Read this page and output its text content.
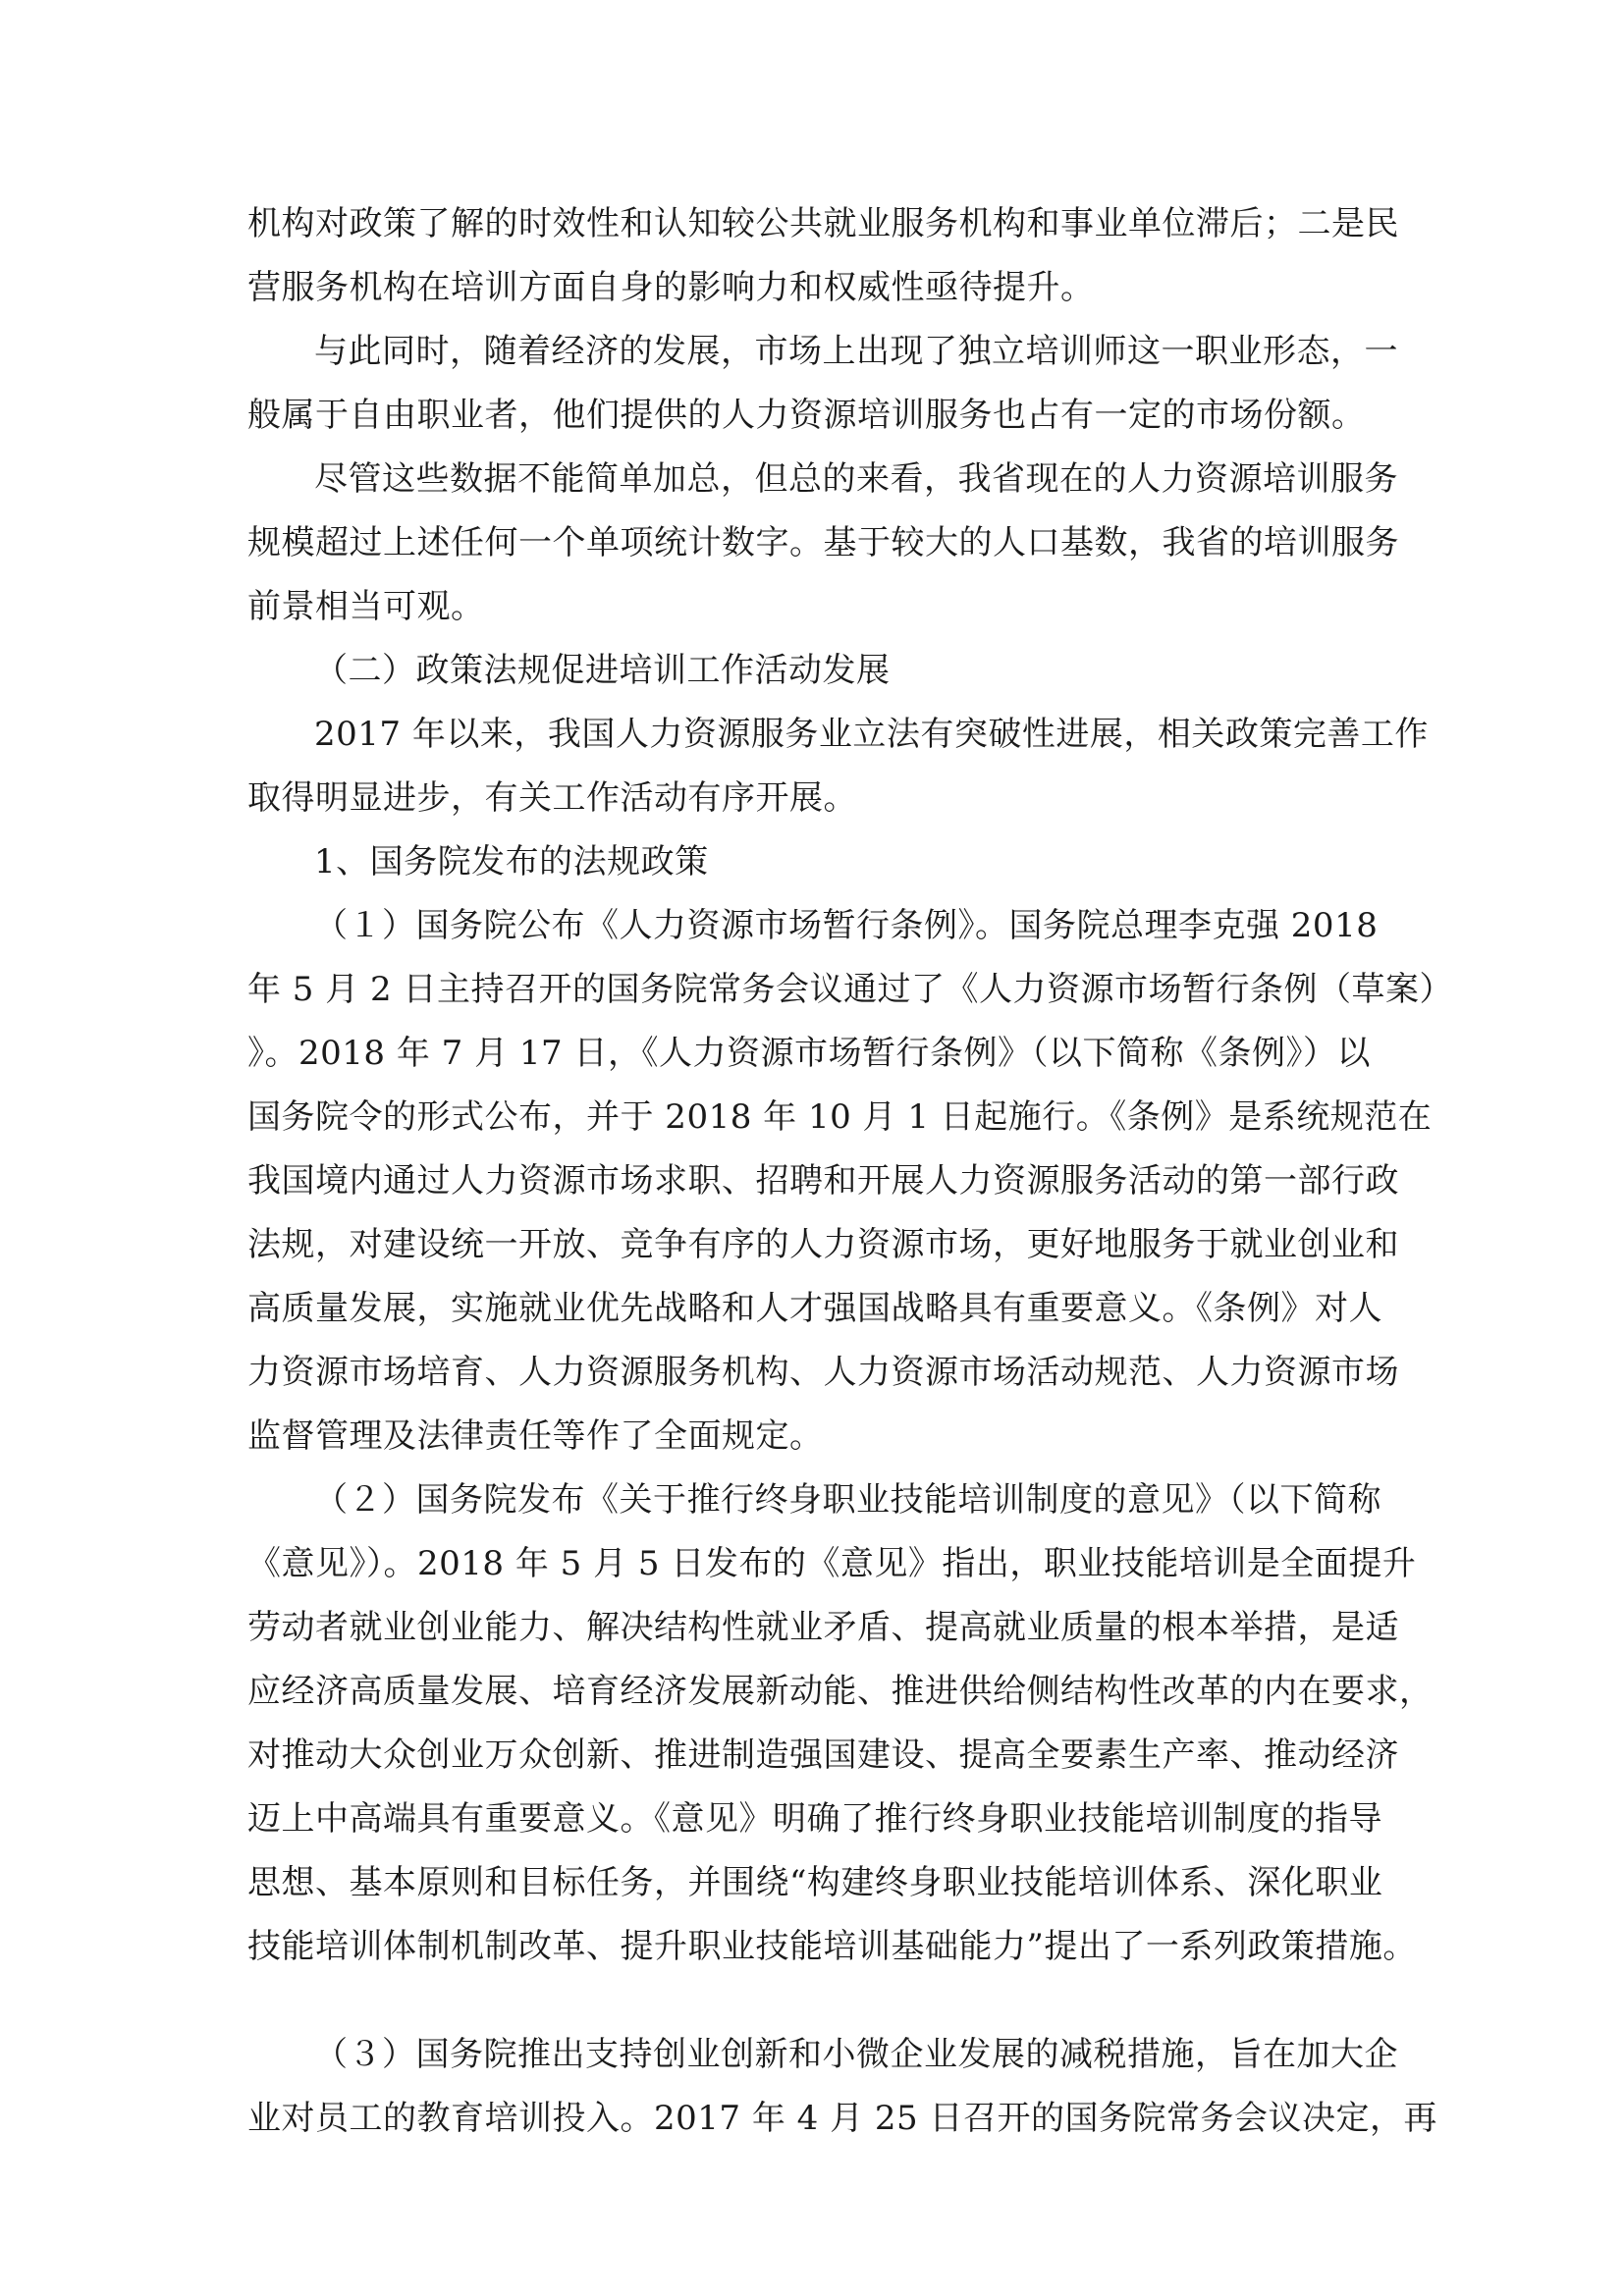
机构对政策了解的时效性和认知较公共就业服务机构和事业单位滞后；二是民
营服务机构在培训方面自身的影响力和权威性亟待提升。
与此同时，随着经济的发展，市场上出现了独立培训师这一职业形态，一
般属于自由职业者，他们提供的人力资源培训服务也占有一定的市场份额。
尽管这些数据不能简单加总，但总的来看，我省现在的人力资源培训服务
规模超过上述任何一个单项统计数字。基于较大的人口基数，我省的培训服务
前景相当可观。
（二）政策法规促进培训工作活动发展
2017 年以来，我国人力资源服务业立法有突破性进展，相关政策完善工作
取得明显进步，有关工作活动有序开展。
1、国务院发布的法规政策
（１）国务院公布《人力资源市场暂行条例》。国务院总理李克强 2018
年 5 月 2 日主持召开的国务院常务会议通过了《人力资源市场暂行条例（草案）
》。2018 年 7 月 17 日，《人力资源市场暂行条例》（以下简称《条例》）以
国务院令的形式公布，并于 2018 年 10 月 1 日起施行。《条例》是系统规范在
我国境内通过人力资源市场求职、招聘和开展人力资源服务活动的第一部行政
法规，对建设统一开放、竞争有序的人力资源市场，更好地服务于就业创业和
高质量发展，实施就业优先战略和人才强国战略具有重要意义。《条例》对人
力资源市场培育、人力资源服务机构、人力资源市场活动规范、人力资源市场
监督管理及法律责任等作了全面规定。
（２）国务院发布《关于推行终身职业技能培训制度的意见》（以下简称
《意见》）。2018 年 5 月 5 日发布的《意见》指出，职业技能培训是全面提升
劳动者就业创业能力、解决结构性就业矛盾、提高就业质量的根本举措，是适
应经济高质量发展、培育经济发展新动能、推进供给侧结构性改革的内在要求，
对推动大众创业万众创新、推进制造强国建设、提高全要素生产率、推动经济
迈上中高端具有重要意义。《意见》明确了推行终身职业技能培训制度的指导
思想、基本原则和目标任务，并围绕“构建终身职业技能培训体系、深化职业
技能培训体制机制改革、提升职业技能培训基础能力”提出了一系列政策措施。
（３）国务院推出支持创业创新和小微企业发展的减税措施，旨在加大企
业对员工的教育培训投入。2017 年 4 月 25 日召开的国务院常务会议决定，再
